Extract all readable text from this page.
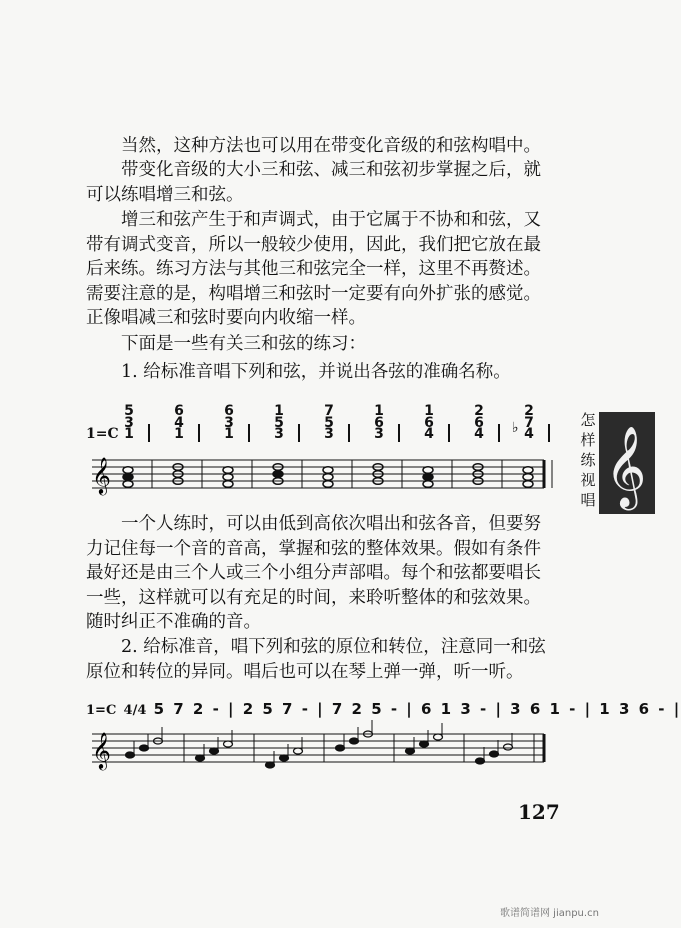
当然，这种方法也可以用在带变化音级的和弦构唱中。

带变化音级的大小三和弦、减三和弦初步掌握之后，就可以练唱增三和弦。

增三和弦产生于和声调式，由于它属于不协和和弦，又带有调式变音，所以一般较少使用，因此，我们把它放在最后来练。练习方法与其他三和弦完全一样，这里不再赘述。需要注意的是，构唱增三和弦时一定要有向外扩张的感觉。正像唱减三和弦时要向内收缩一样。

下面是一些有关三和弦的练习：

1. 给标准音唱下列和弦，并说出各弦的准确名称。

1=C
5
3
1
6
4
1
6
3
1
1
5
3
7
5
3
1
6
3
1
6
4
2
6
4
2
7
4
♭
𝄞

一个人练时，可以由低到高依次唱出和弦各音，但要努力记住每一个音的音高，掌握和弦的整体效果。假如有条件最好还是由三个人或三个小组分声部唱。每个和弦都要唱长一些，这样就可以有充足的时间，来聆听整体的和弦效果。随时纠正不准确的音。

2. 给标准音，唱下列和弦的原位和转位，注意同一和弦原位和转位的异同。唱后也可以在琴上弹一弹，听一听。

1=C 4/4 5 7 2 - | 2 5 7 - | 7 2 5 - | 6 1 3 - | 3 6 1 - | 1 3 6 - |
𝄞
127
怎
样
练
视
唱 𝄞
歌谱简谱网 jianpu.cn
